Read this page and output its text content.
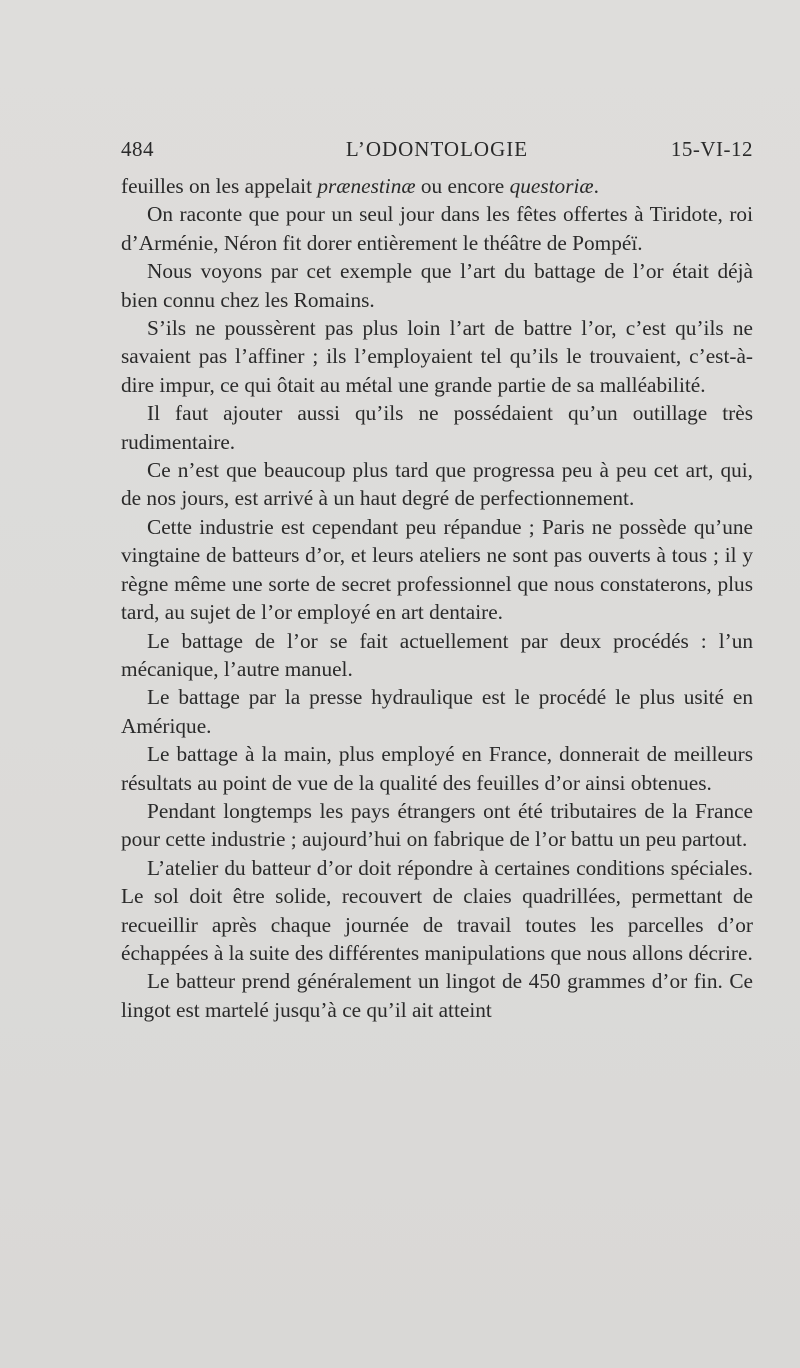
484	L’ODONTOLOGIE	15-VI-12

feuilles on les appelait prænestinæ ou encore questoriæ.

On raconte que pour un seul jour dans les fêtes offertes à Tiridote, roi d’Arménie, Néron fit dorer entièrement le théâtre de Pompéï.

Nous voyons par cet exemple que l’art du battage de l’or était déjà bien connu chez les Romains.

S’ils ne poussèrent pas plus loin l’art de battre l’or, c’est qu’ils ne savaient pas l’affiner ; ils l’employaient tel qu’ils le trouvaient, c’est-à-dire impur, ce qui ôtait au métal une grande partie de sa malléabilité.

Il faut ajouter aussi qu’ils ne possédaient qu’un outillage très rudimentaire.

Ce n’est que beaucoup plus tard que progressa peu à peu cet art, qui, de nos jours, est arrivé à un haut degré de perfectionnement.

Cette industrie est cependant peu répandue ; Paris ne possède qu’une vingtaine de batteurs d’or, et leurs ateliers ne sont pas ouverts à tous ; il y règne même une sorte de secret professionnel que nous constaterons, plus tard, au sujet de l’or employé en art dentaire.

Le battage de l’or se fait actuellement par deux procédés : l’un mécanique, l’autre manuel.

Le battage par la presse hydraulique est le procédé le plus usité en Amérique.

Le battage à la main, plus employé en France, donnerait de meilleurs résultats au point de vue de la qualité des feuilles d’or ainsi obtenues.

Pendant longtemps les pays étrangers ont été tributaires de la France pour cette industrie ; aujourd’hui on fabrique de l’or battu un peu partout.

L’atelier du batteur d’or doit répondre à certaines conditions spéciales. Le sol doit être solide, recouvert de claies quadrillées, permettant de recueillir après chaque journée de travail toutes les parcelles d’or échappées à la suite des différentes manipulations que nous allons décrire.

Le batteur prend généralement un lingot de 450 grammes d’or fin. Ce lingot est martelé jusqu’à ce qu’il ait atteint
